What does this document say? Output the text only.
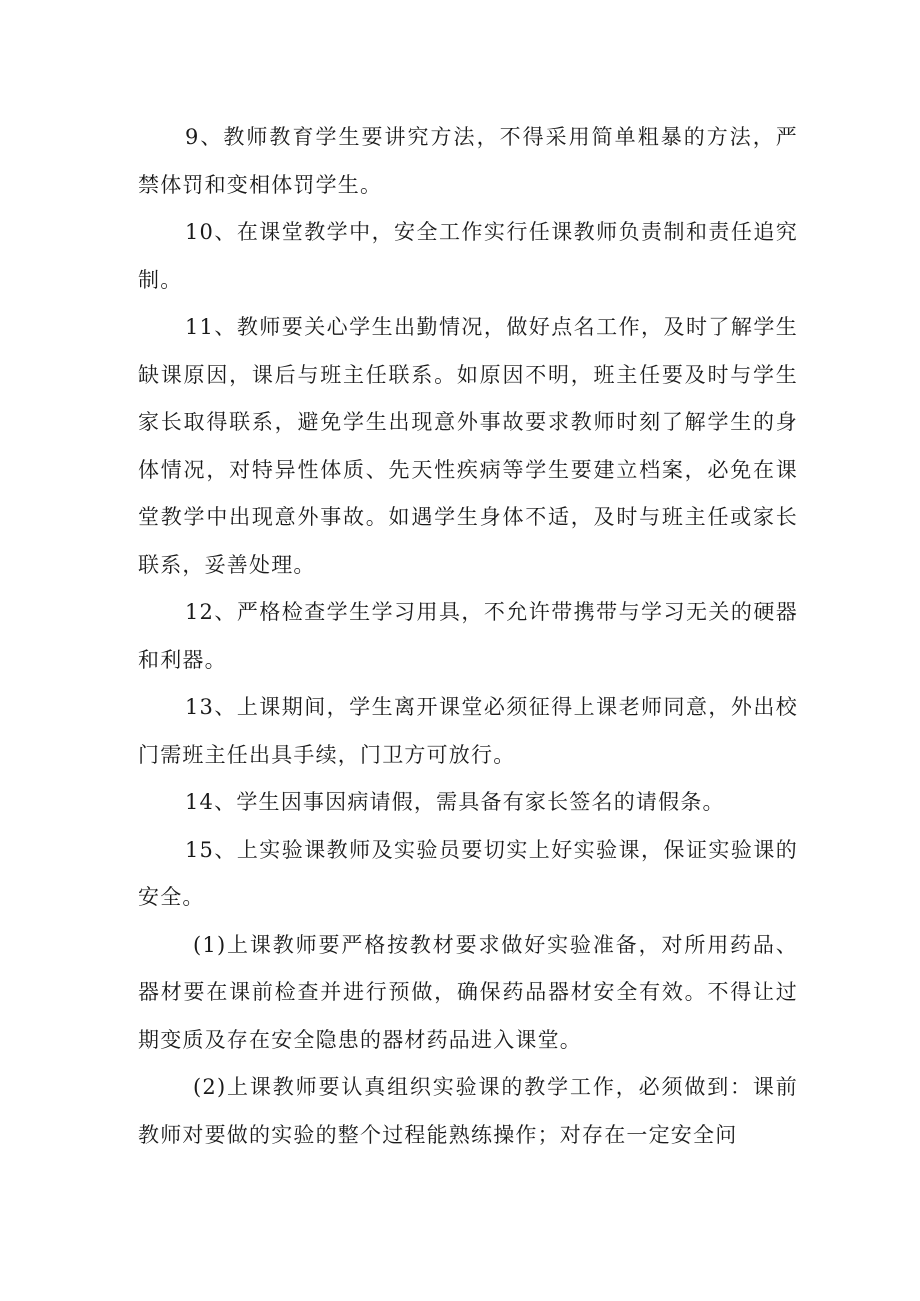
9、教师教育学生要讲究方法，不得采用简单粗暴的方法，严禁体罚和变相体罚学生。

10、在课堂教学中，安全工作实行任课教师负责制和责任追究制。

11、教师要关心学生出勤情况，做好点名工作，及时了解学生缺课原因，课后与班主任联系。如原因不明，班主任要及时与学生家长取得联系，避免学生出现意外事故要求教师时刻了解学生的身体情况，对特异性体质、先天性疾病等学生要建立档案，必免在课堂教学中出现意外事故。如遇学生身体不适，及时与班主任或家长联系，妥善处理。

12、严格检查学生学习用具，不允许带携带与学习无关的硬器和利器。

13、上课期间，学生离开课堂必须征得上课老师同意，外出校门需班主任出具手续，门卫方可放行。

14、学生因事因病请假，需具备有家长签名的请假条。

15、上实验课教师及实验员要切实上好实验课，保证实验课的安全。

(1)上课教师要严格按教材要求做好实验准备，对所用药品、器材要在课前检查并进行预做，确保药品器材安全有效。不得让过期变质及存在安全隐患的器材药品进入课堂。

(2)上课教师要认真组织实验课的教学工作，必须做到：课前教师对要做的实验的整个过程能熟练操作；对存在一定安全问
